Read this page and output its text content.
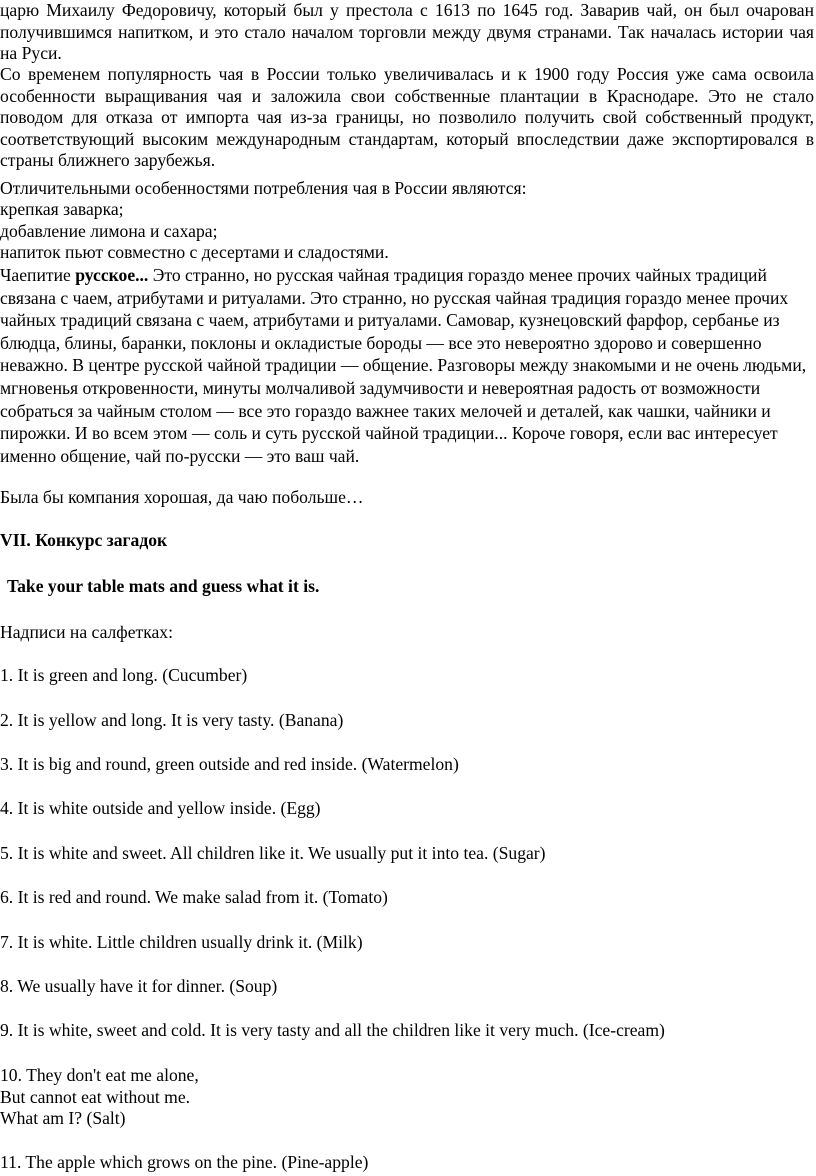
царю Михаилу Федоровичу, который был у престола с 1613 по 1645 год. Заварив чай, он был очарован получившимся напитком, и это стало началом торговли между двумя странами. Так началась истории чая на Руси.

Со временем популярность чая в России только увеличивалась и к 1900 году Россия уже сама освоила особенности выращивания чая и заложила свои собственные плантации в Краснодаре. Это не стало поводом для отказа от импорта чая из-за границы, но позволило получить свой собственный продукт, соответствующий высоким международным стандартам, который впоследствии даже экспортировался в страны ближнего зарубежья.

Отличительными особенностями потребления чая в России являются:

крепкая заварка;

добавление лимона и сахара;

напиток пьют совместно с десертами и сладостями.

Чаепитие русское... Это странно, но русская чайная традиция гораздо менее прочих чайных традиций связана с чаем, атрибутами и ритуалами. Это странно, но русская чайная традиция гораздо менее прочих чайных традиций связана с чаем, атрибутами и ритуалами. Самовар, кузнецовский фарфор, сербанье из блюдца, блины, баранки, поклоны и окладистые бороды — все это невероятно здорово и совершенно неважно. В центре русской чайной традиции — общение. Разговоры между знакомыми и не очень людьми, мгновенья откровенности, минуты молчаливой задумчивости и невероятная радость от возможности собраться за чайным столом — все это гораздо важнее таких мелочей и деталей, как чашки, чайники и пирожки. И во всем этом — соль и суть русской чайной традиции... Короче говоря, если вас интересует именно общение, чай по-русски — это ваш чай.

Была бы компания хорошая, да чаю побольше…

VII. Конкурс загадок

Take your table mats and guess what it is.

Надписи на салфетках:

1. It is green and long. (Cucumber)

2. It is yellow and long. It is very tasty. (Banana)

3. It is big and round, green outside and red inside. (Watermelon)

4. It is white outside and yellow inside. (Egg)

5. It is white and sweet. All children like it. We usually put it into tea. (Sugar)

6. It is red and round. We make salad from it. (Tomato)

7. It is white. Little children usually drink it. (Milk)

8. We usually have it for dinner. (Soup)

9. It is white, sweet and cold. It is very tasty and all the children like it very much. (Ice-cream)

10. They don't eat me alone,

But cannot eat without me.

What am I? (Salt)

11. The apple which grows on the pine. (Pine-apple)
